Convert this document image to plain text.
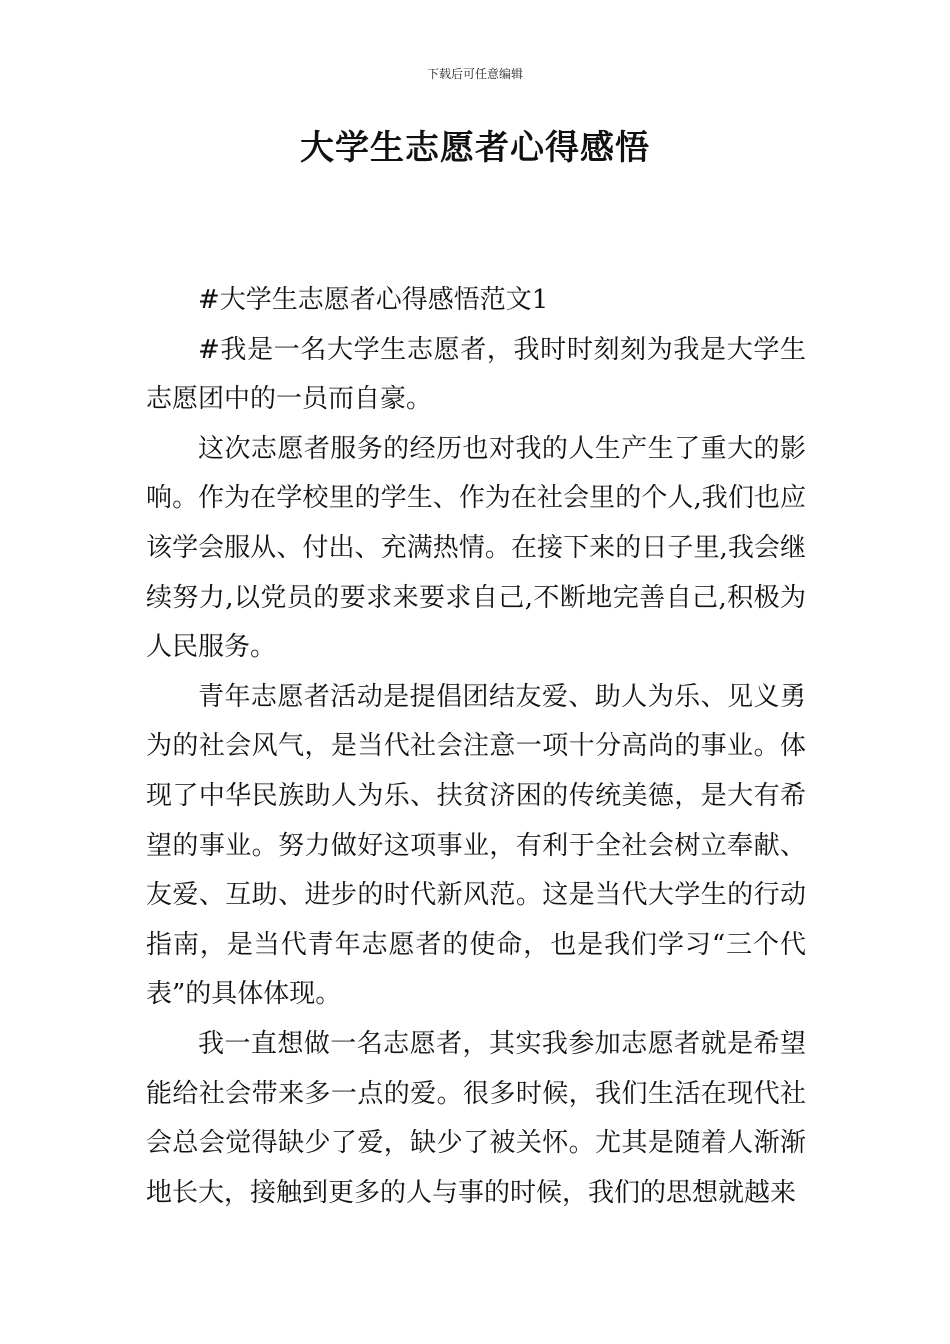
下载后可任意编辑
大学生志愿者心得感悟

#大学生志愿者心得感悟范文1

#我是一名大学生志愿者，我时时刻刻为我是大学生志愿团中的一员而自豪。

这次志愿者服务的经历也对我的人生产生了重大的影响。作为在学校里的学生、作为在社会里的个人,我们也应该学会服从、付出、充满热情。在接下来的日子里,我会继续努力,以党员的要求来要求自己,不断地完善自己,积极为人民服务。

青年志愿者活动是提倡团结友爱、助人为乐、见义勇为的社会风气，是当代社会注意一项十分高尚的事业。体现了中华民族助人为乐、扶贫济困的传统美德，是大有希望的事业。努力做好这项事业，有利于全社会树立奉献、友爱、互助、进步的时代新风范。这是当代大学生的行动指南，是当代青年志愿者的使命，也是我们学习“三个代表”的具体体现。

我一直想做一名志愿者，其实我参加志愿者就是希望能给社会带来多一点的爱。很多时候，我们生活在现代社会总会觉得缺少了爱，缺少了被关怀。尤其是随着人渐渐地长大，接触到更多的人与事的时候，我们的思想就越来
